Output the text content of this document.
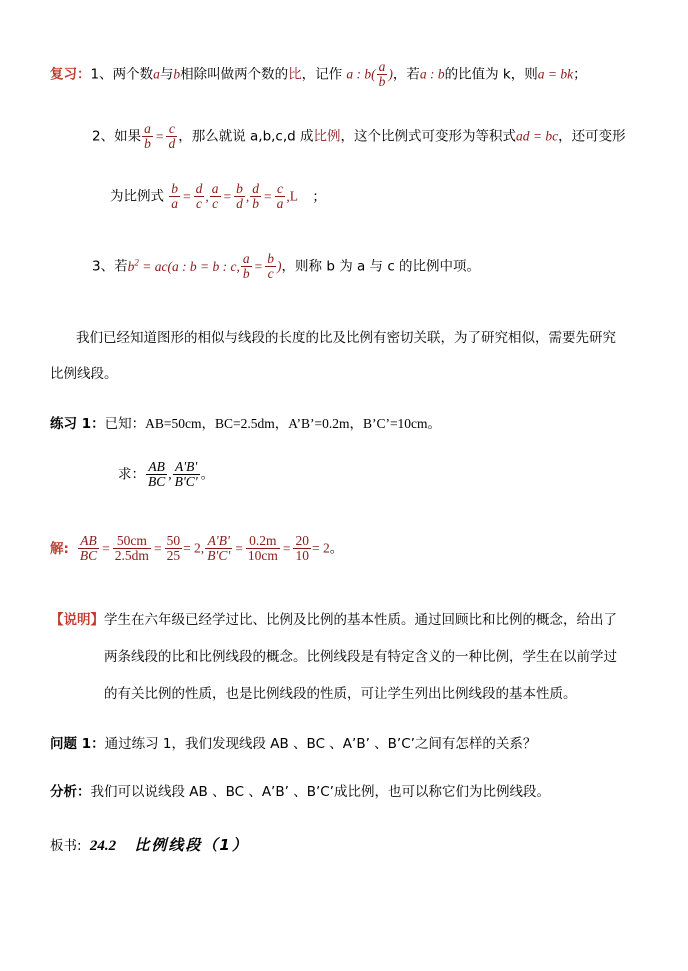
复习：1、两个数a与b相除叫做两个数的比，记作 a : $b( \frac{a}{b}$ )，若a : b的比值为 k，则a = bk；
2、如果 $\frac{a}{b} = \frac{c}{d}$ ，那么就说 a,b,c,d 成比例，这个比例式可变形为等积式ad = bc，还可变形
为比例式 $\frac{b}{a} = \frac{d}{c}$ , $\frac{a}{c} = \frac{b}{d}$ , $\frac{d}{b} = \frac{c}{a} ,L$ ；
3、若$b^2 = ac(a$ : b = b : c, $\frac{a}{b} = \frac{b}{c}$ )，则称 b 为 a 与 c 的比例中项。
我们已经知道图形的相似与线段的长度的比及比例有密切关联，为了研究相似，需要先研究
比例线段。
练习 1：已知：AB=50cm，BC=2.5dm，A’B’=0.2m，B’C’=10cm。
求： $\frac{AB}{BC}$ , $\frac{A'B'}{B'C'}$ 。
解: $\frac{AB}{BC} = \frac{50cm}{2.5dm} = \frac{50}{25} = 2$, $\frac{A'B'}{B'C'} = \frac{0.2m}{10cm} = \frac{20}{10} = 2$。
【说明】学生在六年级已经学过比、比例及比例的基本性质。通过回顾比和比例的概念，给出了
两条线段的比和比例线段的概念。比例线段是有特定含义的一种比例，学生在以前学过
的有关比例的性质，也是比例线段的性质，可让学生列出比例线段的基本性质。
问题 1：通过练习 1，我们发现线段 AB 、BC 、A’B’ 、B’C’之间有怎样的关系？
分析：我们可以说线段 AB 、BC 、A’B’ 、B’C’成比例，也可以称它们为比例线段。
板书: 24.2 比例线段（1）
